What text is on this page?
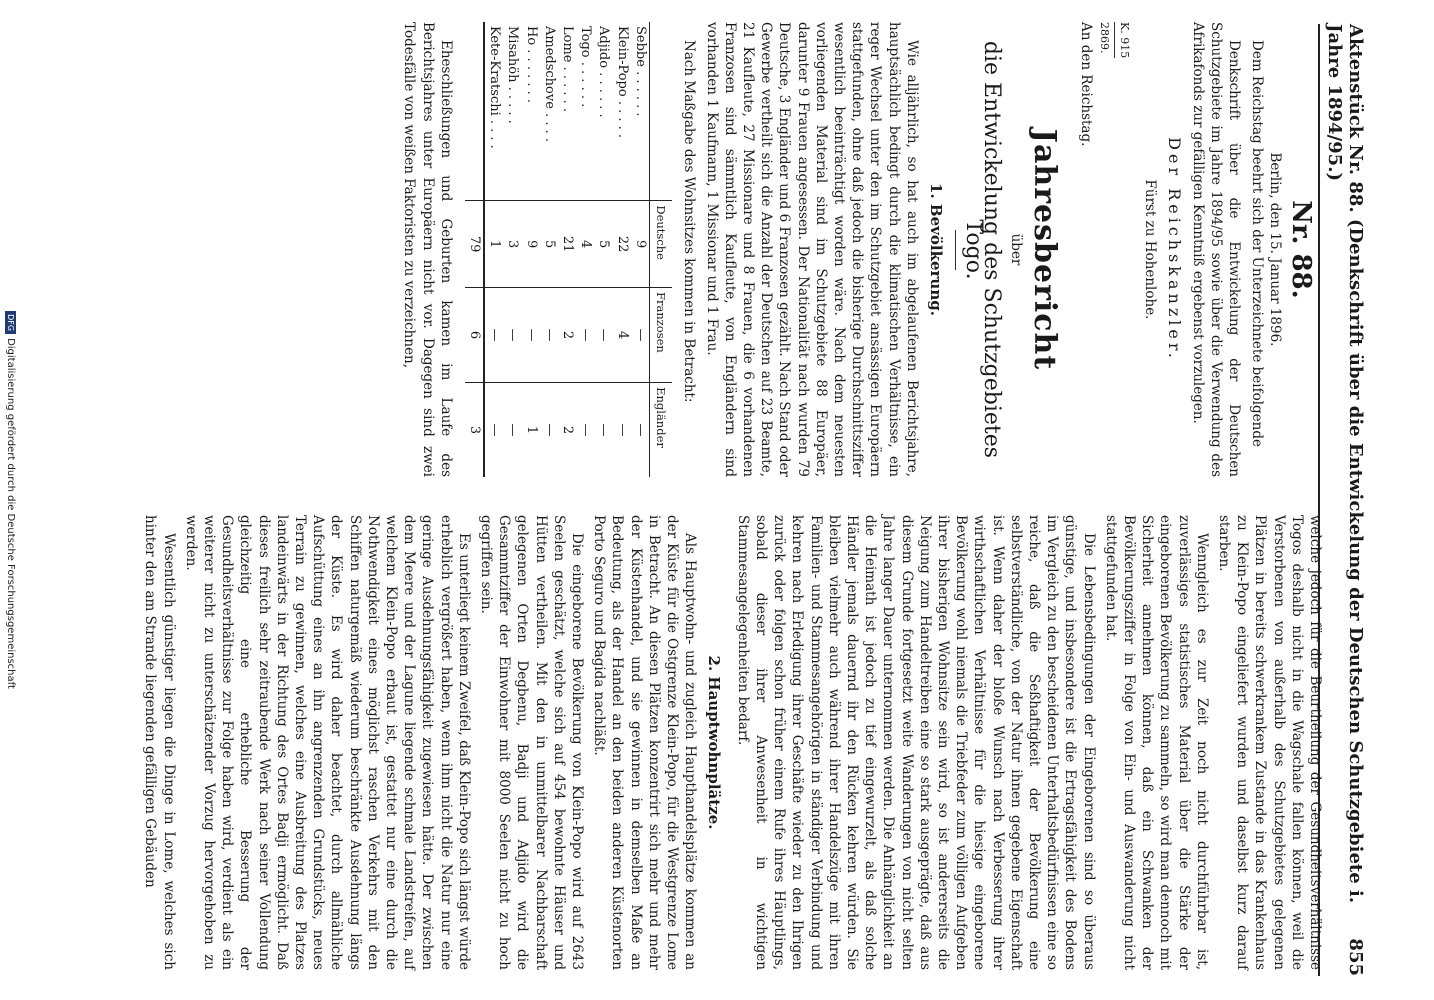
Aktenstück Nr. 88. (Denkschrift über die Entwickelung der Deutschen Schutzgebiete i. Jahre 1894/95.)
855
Nr. 88.
Berlin, den 15. Januar 1896.

Dem Reichstag beehrt sich der Unterzeichnete beifolgende

Denkschrift über die Entwickelung der Deutschen Schutzgebiete im Jahre 1894/95 sowie über die Verwendung des Afrikafonds zur gefälligen Kenntniß ergebenst vorzulegen.

Der Reichskanzler.
Fürst zu Hohenlohe.
K. 915
2869.

An den Reichstag.

Jahresbericht
über
die Entwickelung des Schutzgebietes Togo.
1. Bevölkerung.

Wie alljährlich, so hat auch im abgelaufenen Berichtsjahre, hauptsächlich bedingt durch die klimatischen Verhältnisse, ein reger Wechsel unter den im Schutzgebiet ansässigen Europäern stattgefunden, ohne daß jedoch die bisherige Durchschnittsziffer wesentlich beeinträchtigt worden wäre. Nach dem neuesten vorliegenden Material sind im Schutzgebiete 88 Europäer, darunter 9 Frauen angesessen. Der Nationalität nach wurden 79 Deutsche, 3 Engländer und 6 Franzosen gezählt. Nach Stand oder Gewerbe vertheilt sich die Anzahl der Deutschen auf 23 Beamte, 21 Kaufleute, 27 Missionare und 8 Frauen, die 6 vorhandenen Franzosen sind sämmtlich Kaufleute, von Engländern sind vorhanden 1 Kaufmann, 1 Missionar und 1 Frau.

Nach Maßgabe des Wohnsitzes kommen in Betracht:

	Deutsche	Franzosen	Engländer
Sebbe . . . . . .	9	—	—
Klein-Popo . . . . .	22	4	—
Adjido . . . . . .	5	—	—
Togo . . . . . .	4	—	—
Lome . . . . . .	21	2	2
Amedschove . . . .	5	—	—
Ho . . . . . . .	9	—	1
Misahöh . . . . .	3	—	—
Kete-Kratschi . . . .	1	—	—
	79	6	3

Eheschließungen und Geburten kamen im Laufe des Berichtsjahres unter Europäern nicht vor. Dagegen sind zwei Todesfälle von weißen Faktoristen zu verzeichnen,

welche jedoch für die Beurtheilung der Gesundheitsverhältnisse Togos deshalb nicht in die Wagschale fallen können, weil die Verstorbenen von außerhalb des Schutzgebietes gelegenen Plätzen in bereits schwerkrankem Zustande in das Krankenhaus zu Klein-Popo eingeliefert wurden und daselbst kurz darauf starben.

Wenngleich es zur Zeit noch nicht durchführbar ist, zuverlässiges statistisches Material über die Stärke der eingeborenen Bevölkerung zu sammeln, so wird man dennoch mit Sicherheit annehmen können, daß ein Schwanken der Bevölkerungsziffer in Folge von Ein- und Auswanderung nicht stattgefunden hat.

Die Lebensbedingungen der Eingeborenen sind so überaus günstige, und insbesondere ist die Ertragsfähigkeit des Bodens im Vergleich zu den bescheidenen Unterhaltsbedürfnissen eine so reiche, daß die Seßhaftigkeit der Bevölkerung eine selbstverständliche, von der Natur ihnen gegebene Eigenschaft ist. Wenn daher der bloße Wunsch nach Verbesserung ihrer wirthschaftlichen Verhältnisse für die hiesige eingeborene Bevölkerung wohl niemals die Triebfeder zum völligen Aufgeben ihrer bisherigen Wohnsitze sein wird, so ist andererseits die Neigung zum Handeltreiben eine so stark ausgeprägte, daß aus diesem Grunde fortgesetzt weite Wanderungen von nicht selten Jahre langer Dauer unternommen werden. Die Anhänglichkeit an die Heimath ist jedoch zu tief eingewurzelt, als daß solche Händler jemals dauernd ihr den Rücken kehren würden. Sie bleiben vielmehr auch während ihrer Handelszüge mit ihren Familien- und Stammesangehörigen in ständiger Verbindung und kehren nach Erledigung ihrer Geschäfte wieder zu den Ihrigen zurück oder folgen schon früher einem Rufe ihres Häuptlings, sobald dieser ihrer Anwesenheit in wichtigen Stammesangelegenheiten bedarf.

2. Hauptwohnplätze.

Als Hauptwohn- und zugleich Haupthandelsplätze kommen an der Küste für die Ostgrenze Klein-Popo, für die Westgrenze Lome in Betracht. An diesen Plätzen konzentrirt sich mehr und mehr der Küstenhandel, und sie gewinnen in demselben Maße an Bedeutung, als der Handel an den beiden anderen Küstenorten Porto Seguro und Bagida nachläßt.

Die eingeborene Bevölkerung von Klein-Popo wird auf 2643 Seelen geschätzt, welche sich auf 454 bewohnte Häuser und Hütten vertheilen. Mit den in unmittelbarer Nachbarschaft gelegenen Orten Degbenu, Badji und Adjido wird die Gesammtziffer der Einwohner mit 8000 Seelen nicht zu hoch gegriffen sein.

Es unterliegt keinem Zweifel, daß Klein-Popo sich längst würde erheblich vergrößert haben, wenn ihm nicht die Natur nur eine geringe Ausdehnungsfähigkeit zugewiesen hätte. Der zwischen dem Meere und der Lagune liegende schmale Landstreifen, auf welchem Klein-Popo erbaut ist, gestattet nur eine durch die Nothwendigkeit eines möglichst raschen Verkehrs mit den Schiffen naturgemäß wiederum beschränkte Ausdehnung längs der Küste. Es wird daher beachtet, durch allmähliche Aufschüttung eines an ihn angrenzenden Grundstücks, neues Terrain zu gewinnen, welches eine Ausbreitung des Platzes landeinwärts in der Richtung des Ortes Badji ermöglicht. Daß dieses freilich sehr zeitraubende Werk nach seiner Vollendung gleichzeitig eine erhebliche Besserung der Gesundheitsverhältnisse zur Folge haben wird, verdient als ein weiterer nicht zu unterschätzender Vorzug hervorgehoben zu werden.

Wesentlich günstiger liegen die Dinge in Lome, welches sich hinter den am Strande liegenden gefälligen Gebäuden

DFGDigitalisierung gefördert durch die Deutsche Forschungsgemeinschaft
